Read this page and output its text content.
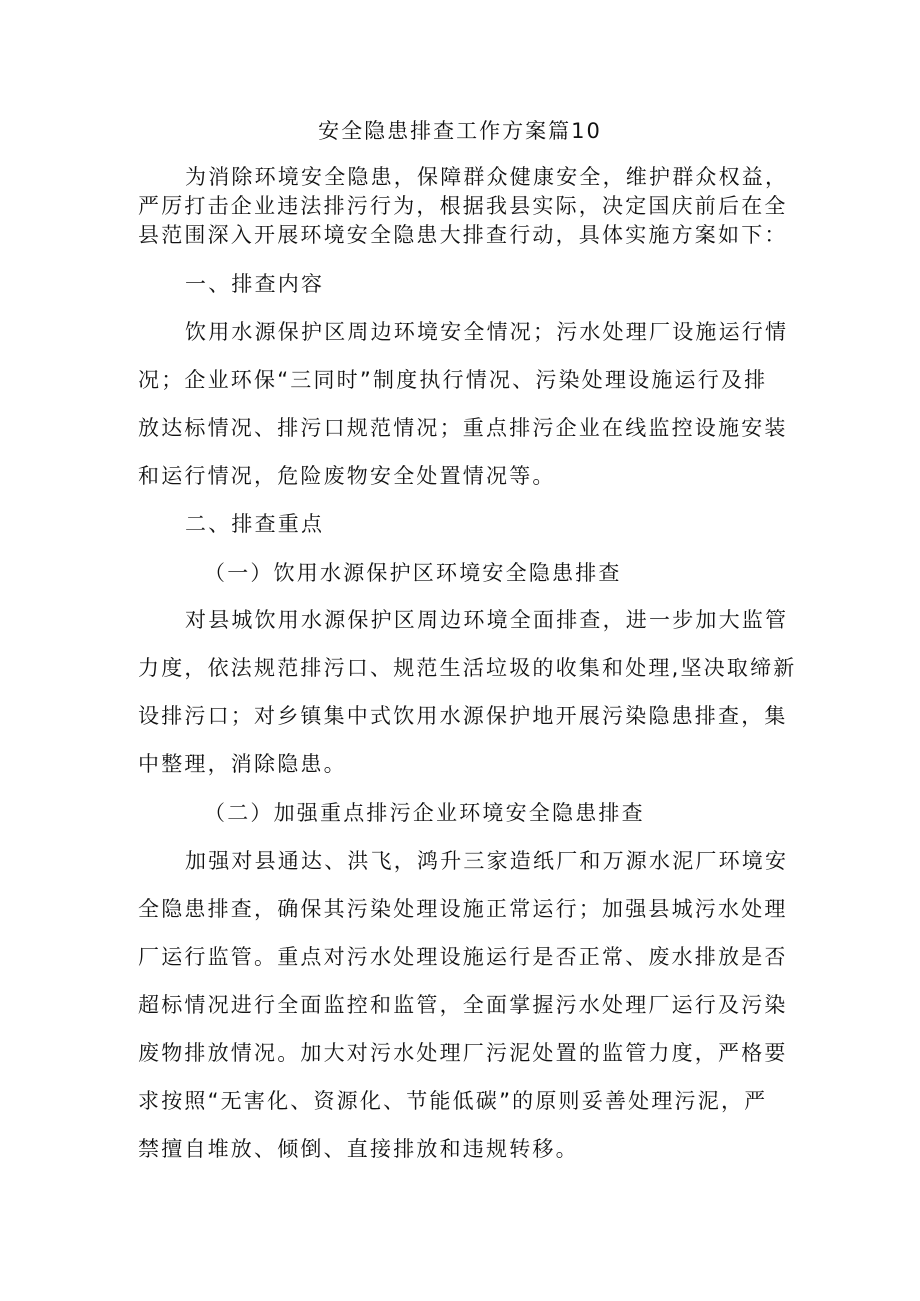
安全隐患排查工作方案篇10
为消除环境安全隐患，保障群众健康安全，维护群众权益，
严厉打击企业违法排污行为，根据我县实际，决定国庆前后在全
县范围深入开展环境安全隐患大排查行动，具体实施方案如下：
一、排查内容
饮用水源保护区周边环境安全情况；污水处理厂设施运行情
况；企业环保“三同时”制度执行情况、污染处理设施运行及排
放达标情况、排污口规范情况；重点排污企业在线监控设施安装
和运行情况，危险废物安全处置情况等。
二、排查重点
（一）饮用水源保护区环境安全隐患排查
对县城饮用水源保护区周边环境全面排查，进一步加大监管
力度，依法规范排污口、规范生活垃圾的收集和处理,坚决取缔新
设排污口；对乡镇集中式饮用水源保护地开展污染隐患排查，集
中整理，消除隐患。
（二）加强重点排污企业环境安全隐患排查
加强对县通达、洪飞，鸿升三家造纸厂和万源水泥厂环境安
全隐患排查，确保其污染处理设施正常运行；加强县城污水处理
厂运行监管。重点对污水处理设施运行是否正常、废水排放是否
超标情况进行全面监控和监管，全面掌握污水处理厂运行及污染
废物排放情况。加大对污水处理厂污泥处置的监管力度，严格要
求按照“无害化、资源化、节能低碳”的原则妥善处理污泥，严
禁擅自堆放、倾倒、直接排放和违规转移。
